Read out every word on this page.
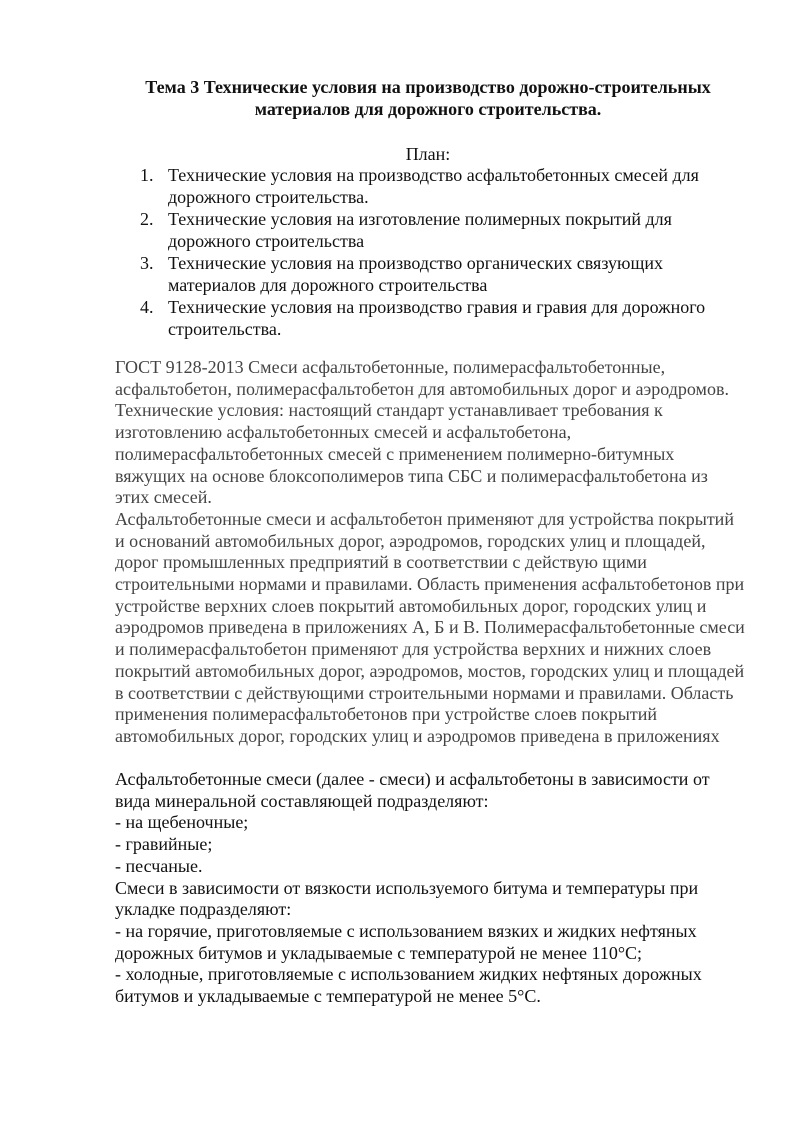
Тема 3 Технические условия на производство дорожно-строительных материалов для дорожного строительства.
План:
1. Технические условия на производство асфальтобетонных смесей для дорожного строительства.
2. Технические условия на изготовление полимерных покрытий для дорожного строительства
3. Технические условия на производство органических связующих материалов для дорожного строительства
4. Технические условия на производство гравия и гравия для дорожного строительства.

ГОСТ 9128-2013 Смеси асфальтобетонные, полимерасфальтобетонные, асфальтобетон, полимерасфальтобетон для автомобильных дорог и аэродромов. Технические условия: настоящий стандарт устанавливает требования к изготовлению асфальтобетонных смесей и асфальтобетона, полимерасфальтобетонных смесей с применением полимерно-битумных вяжущих на основе блоксополимеров типа СБС и полимерасфальтобетона из этих смесей.

Асфальтобетонные смеси и асфальтобетон применяют для устройства покрытий и оснований автомобильных дорог, аэродромов, городских улиц и площадей, дорог промышленных предприятий в соответствии с действую щими строительными нормами и правилами. Область применения асфальтобетонов при устройстве верхних слоев покрытий автомобильных дорог, городских улиц и аэродромов приведена в приложениях А, Б и В. Полимерасфальтобетонные смеси и полимерасфальтобетон применяют для устройства верхних и нижних слоев покрытий автомобильных дорог, аэродромов, мостов, городских улиц и площадей в соответствии с действующими строительными нормами и правилами. Область применения полимерасфальтобетонов при устройстве слоев покрытий автомобильных дорог, городских улиц и аэродромов приведена в приложениях

Асфальтобетонные смеси (далее - смеси) и асфальтобетоны в зависимости от вида минеральной составляющей подразделяют:

- на щебеночные;

- гравийные;

- песчаные.

Смеси в зависимости от вязкости используемого битума и температуры при укладке подразделяют:

- на горячие, приготовляемые с использованием вязких и жидких нефтяных дорожных битумов и укладываемые с температурой не менее 110°С;

- холодные, приготовляемые с использованием жидких нефтяных дорожных битумов и укладываемые с температурой не менее 5°С.
